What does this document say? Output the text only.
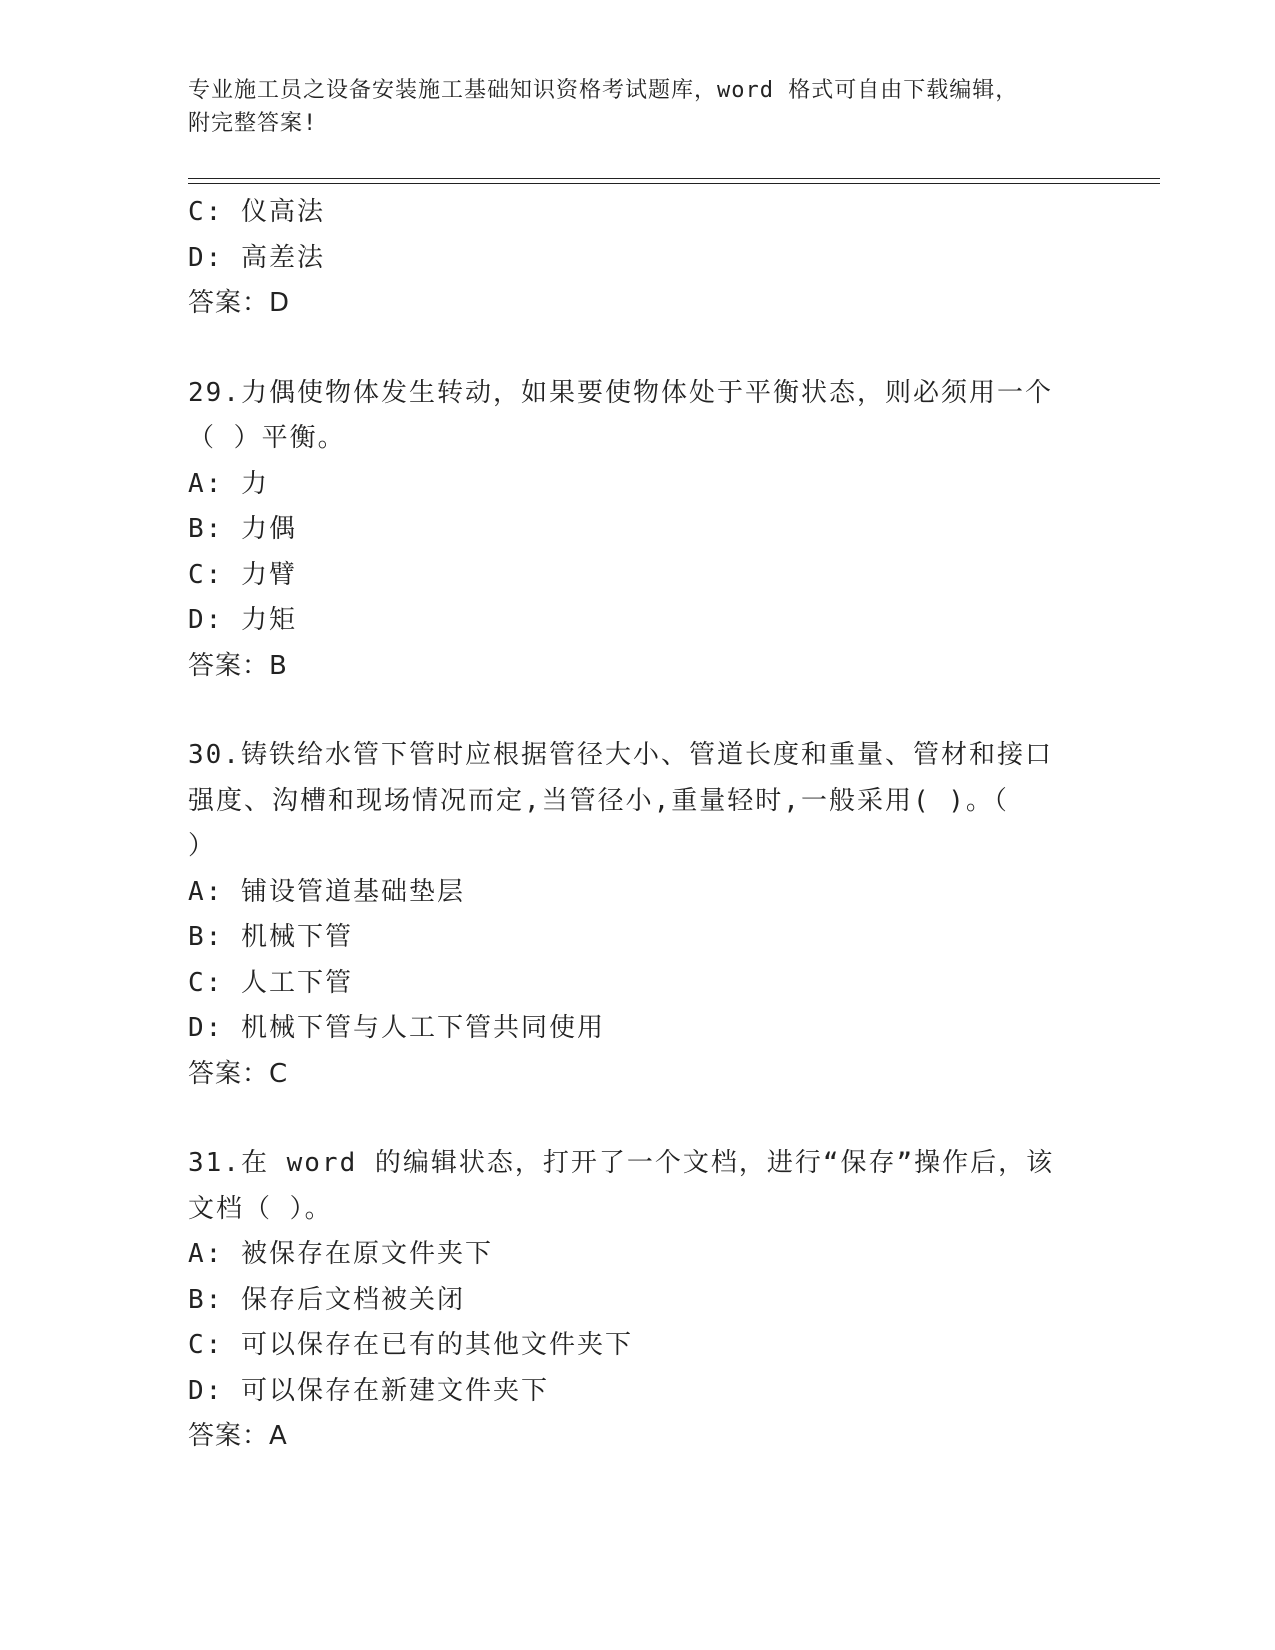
专业施工员之设备安装施工基础知识资格考试题库，word 格式可自由下载编辑，
附完整答案!
C: 仪高法
D: 高差法
答案：D
29.力偶使物体发生转动，如果要使物体处于平衡状态，则必须用一个
（ ）平衡。
A: 力
B: 力偶
C: 力臂
D: 力矩
答案：B
30.铸铁给水管下管时应根据管径大小、管道长度和重量、管材和接口
强度、沟槽和现场情况而定,当管径小,重量轻时,一般采用( )。（
）
A: 铺设管道基础垫层
B: 机械下管
C: 人工下管
D: 机械下管与人工下管共同使用
答案：C
31.在 word 的编辑状态，打开了一个文档，进行“保存”操作后，该
文档（ ）。
A: 被保存在原文件夹下
B: 保存后文档被关闭
C: 可以保存在已有的其他文件夹下
D: 可以保存在新建文件夹下
答案：A
